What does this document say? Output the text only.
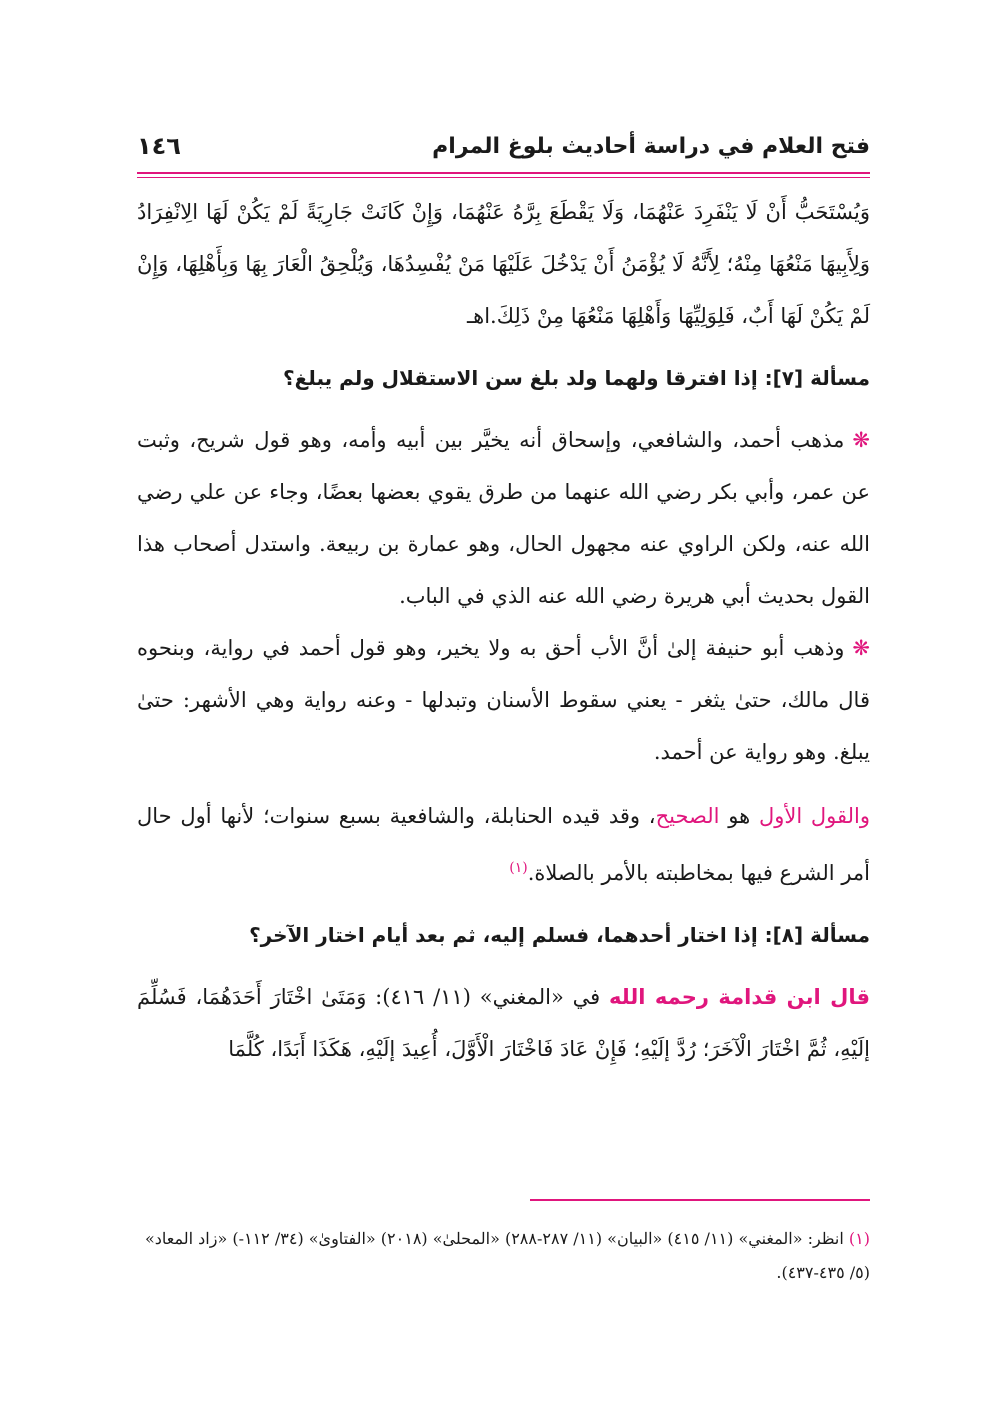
فتح العلام في دراسة أحاديث بلوغ المرام
١٤٦

وَيُسْتَحَبُّ أَنْ لَا يَنْفَرِدَ عَنْهُمَا، وَلَا يَقْطَعَ بِرَّهُ عَنْهُمَا، وَإِنْ كَانَتْ جَارِيَةً لَمْ يَكُنْ لَهَا الِانْفِرَادُ وَلِأَبِيهَا مَنْعُهَا مِنْهُ؛ لِأَنَّهُ لَا يُؤْمَنُ أَنْ يَدْخُلَ عَلَيْهَا مَنْ يُفْسِدُهَا، وَيُلْحِقُ الْعَارَ بِهَا وَبِأَهْلِهَا، وَإِنْ لَمْ يَكُنْ لَهَا أَبٌ، فَلِوَلِيِّهَا وَأَهْلِهَا مَنْعُهَا مِنْ ذَلِكَ.اهـ

مسألة [٧]: إذا افترقا ولهما ولد بلغ سن الاستقلال ولم يبلغ؟

❋مذهب أحمد، والشافعي، وإسحاق أنه يخيَّر بين أبيه وأمه، وهو قول شريح، وثبت عن عمر، وأبي بكر رضي الله عنهما من طرق يقوي بعضها بعضًا، وجاء عن علي رضي الله عنه، ولكن الراوي عنه مجهول الحال، وهو عمارة بن ربيعة. واستدل أصحاب هذا القول بحديث أبي هريرة رضي الله عنه الذي في الباب.

❋وذهب أبو حنيفة إلىٰ أنَّ الأب أحق به ولا يخير، وهو قول أحمد في رواية، وبنحوه قال مالك، حتىٰ يثغر - يعني سقوط الأسنان وتبدلها - وعنه رواية وهي الأشهر: حتىٰ يبلغ. وهو رواية عن أحمد.

والقول الأول هو الصحيح، وقد قيده الحنابلة، والشافعية بسبع سنوات؛ لأنها أول حال أمر الشرع فيها بمخاطبته بالأمر بالصلاة.$^{(١)}$

مسألة [٨]: إذا اختار أحدهما، فسلم إليه، ثم بعد أيام اختار الآخر؟

قال ابن قدامة رحمه الله في «المغني» (١١/ ٤١٦): وَمَتَىٰ اخْتَارَ أَحَدَهُمَا، فَسُلِّمَ إلَيْهِ، ثُمَّ اخْتَارَ الْآخَرَ؛ رُدَّ إلَيْهِ؛ فَإِنْ عَادَ فَاخْتَارَ الْأَوَّلَ، أُعِيدَ إلَيْهِ، هَكَذَا أَبَدًا، كُلَّمَا

(١) انظر: «المغني» (١١/ ٤١٥) «البيان» (١١/ ٢٨٧-٢٨٨) «المحلىٰ» (٢٠١٨) «الفتاوىٰ» (٣٤/ ١١٢-) «زاد المعاد» (٥/ ٤٣٥-٤٣٧).
